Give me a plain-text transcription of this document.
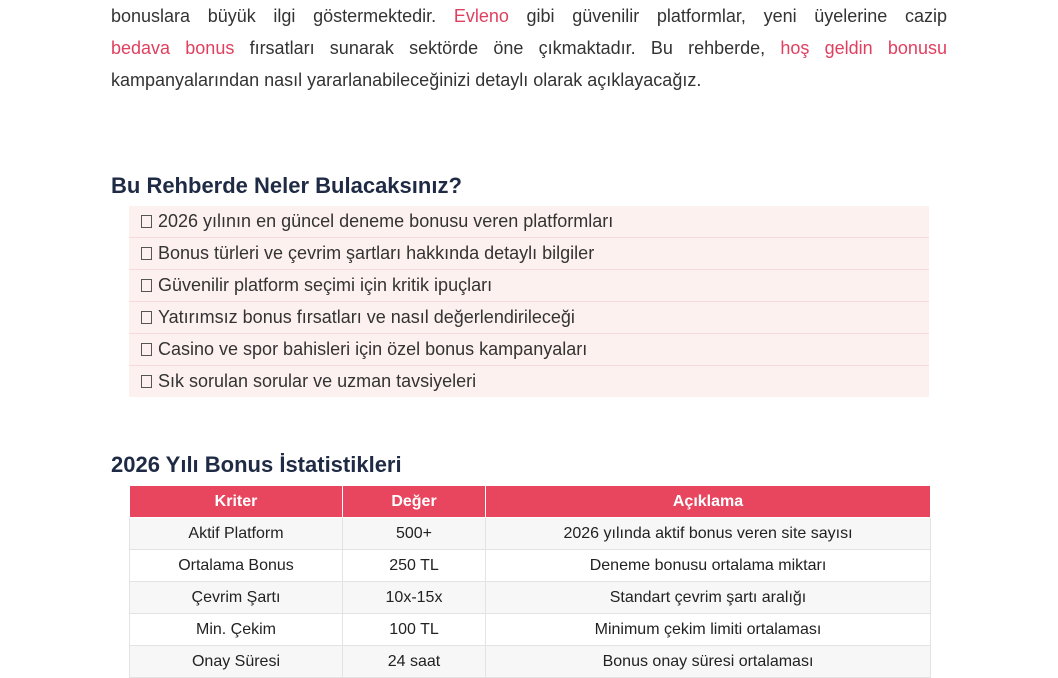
bonuslara büyük ilgi göstermektedir. Evleno gibi güvenilir platformlar, yeni üyelerine cazip
bedava bonus fırsatları sunarak sektörde öne çıkmaktadır. Bu rehberde, hoş geldin bonusu
kampanyalarından nasıl yararlanabileceğinizi detaylı olarak açıklayacağız.
Bu Rehberde Neler Bulacaksınız?
2026 yılının en güncel deneme bonusu veren platformları
Bonus türleri ve çevrim şartları hakkında detaylı bilgiler
Güvenilir platform seçimi için kritik ipuçları
Yatırımsız bonus fırsatları ve nasıl değerlendirileceği
Casino ve spor bahisleri için özel bonus kampanyaları
Sık sorulan sorular ve uzman tavsiyeleri
2026 Yılı Bonus İstatistikleri
Kriter	Değer	Açıklama
Aktif Platform	500+	2026 yılında aktif bonus veren site sayısı
Ortalama Bonus	250 TL	Deneme bonusu ortalama miktarı
Çevrim Şartı	10x-15x	Standart çevrim şartı aralığı
Min. Çekim	100 TL	Minimum çekim limiti ortalaması
Onay Süresi	24 saat	Bonus onay süresi ortalaması
